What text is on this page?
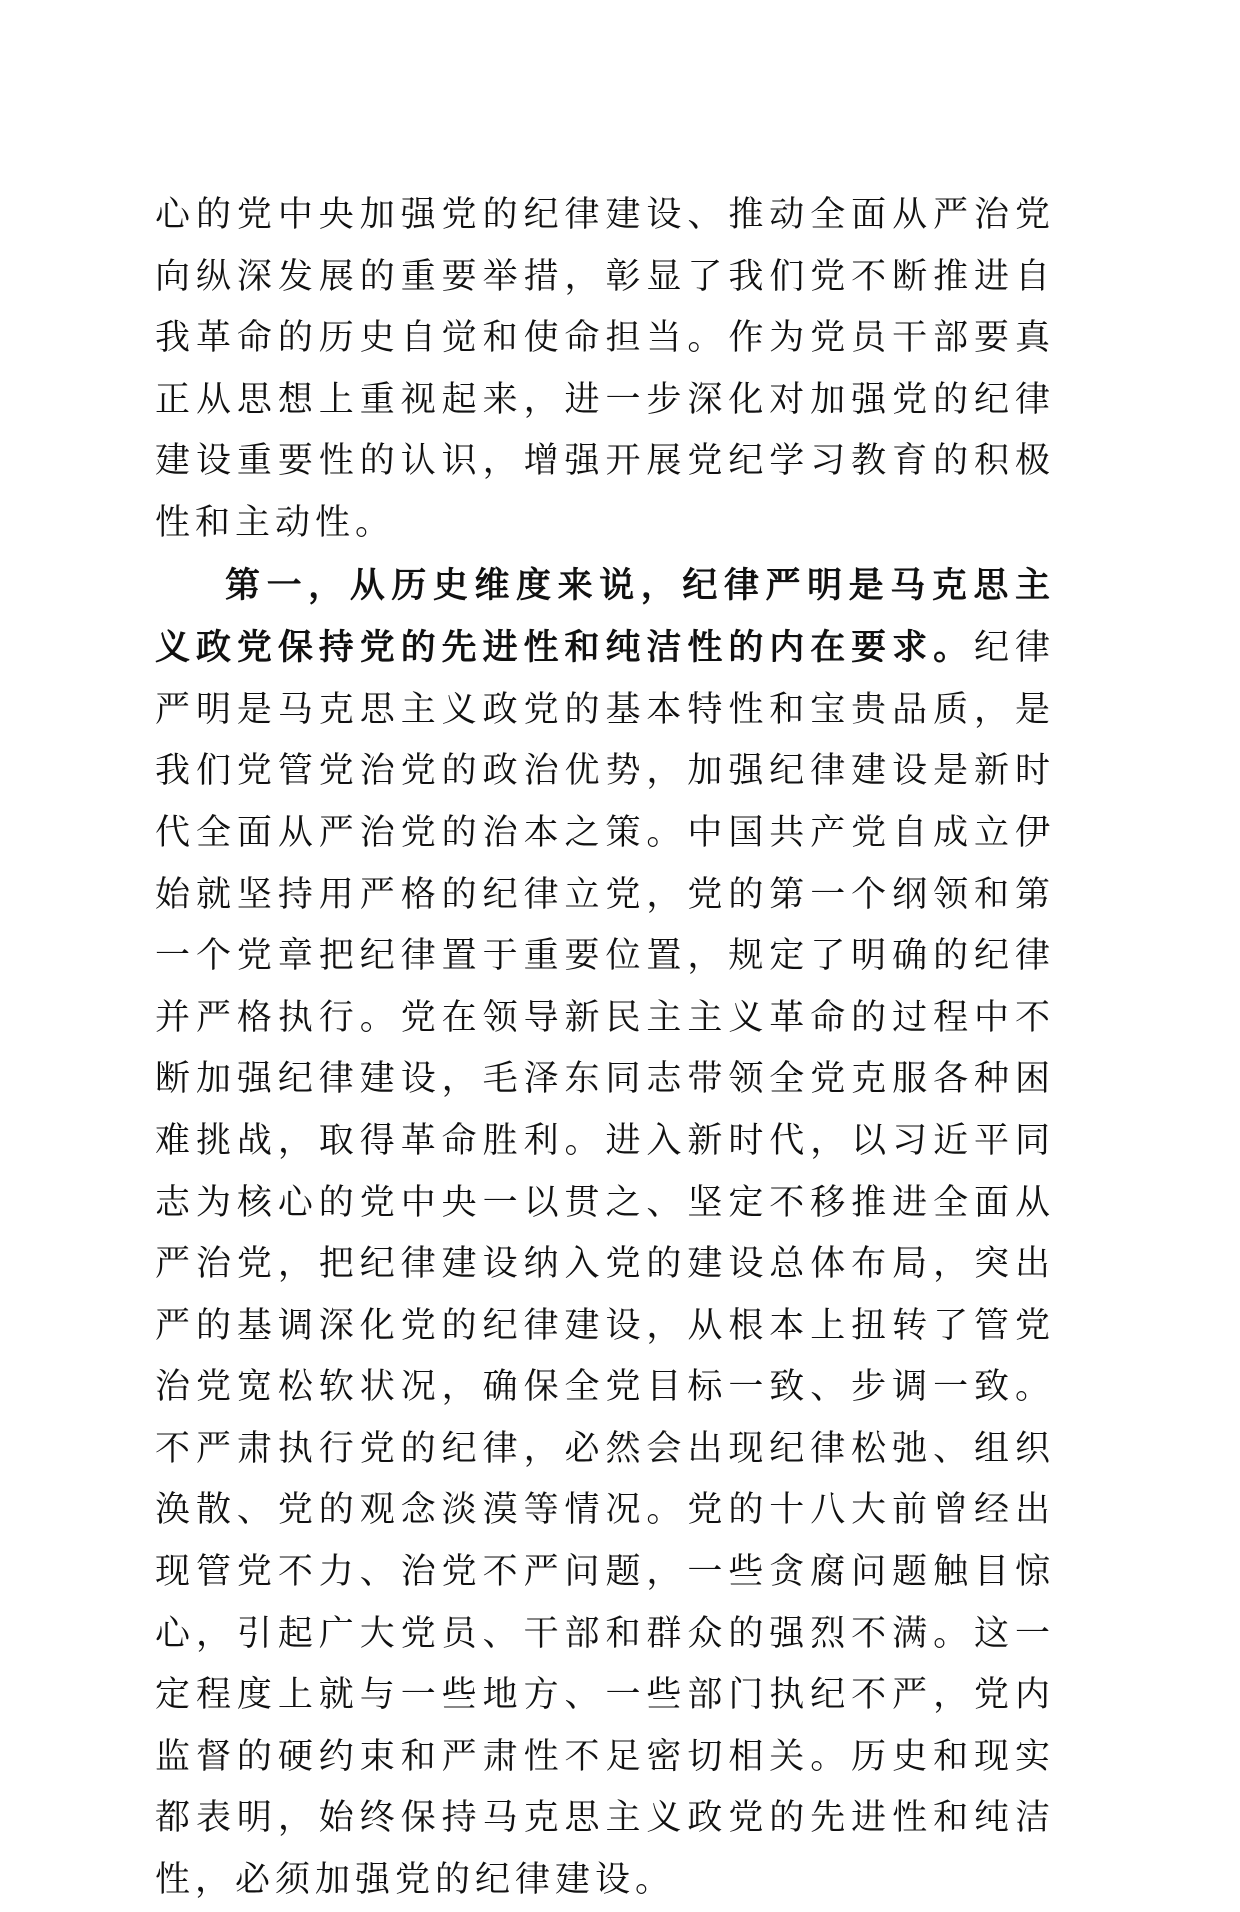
心的党中央加强党的纪律建设、推动全面从严治党向纵深发展的重要举措，彰显了我们党不断推进自我革命的历史自觉和使命担当。作为党员干部要真正从思想上重视起来，进一步深化对加强党的纪律建设重要性的认识，增强开展党纪学习教育的积极性和主动性。

第一，从历史维度来说，纪律严明是马克思主义政党保持党的先进性和纯洁性的内在要求。纪律严明是马克思主义政党的基本特性和宝贵品质，是我们党管党治党的政治优势，加强纪律建设是新时代全面从严治党的治本之策。中国共产党自成立伊始就坚持用严格的纪律立党，党的第一个纲领和第一个党章把纪律置于重要位置，规定了明确的纪律并严格执行。党在领导新民主主义革命的过程中不断加强纪律建设，毛泽东同志带领全党克服各种困难挑战，取得革命胜利。进入新时代，以习近平同志为核心的党中央一以贯之、坚定不移推进全面从严治党，把纪律建设纳入党的建设总体布局，突出严的基调深化党的纪律建设，从根本上扭转了管党治党宽松软状况，确保全党目标一致、步调一致。不严肃执行党的纪律，必然会出现纪律松弛、组织涣散、党的观念淡漠等情况。党的十八大前曾经出现管党不力、治党不严问题，一些贪腐问题触目惊心，引起广大党员、干部和群众的强烈不满。这一定程度上就与一些地方、一些部门执纪不严，党内监督的硬约束和严肃性不足密切相关。历史和现实都表明，始终保持马克思主义政党的先进性和纯洁性，必须加强党的纪律建设。
